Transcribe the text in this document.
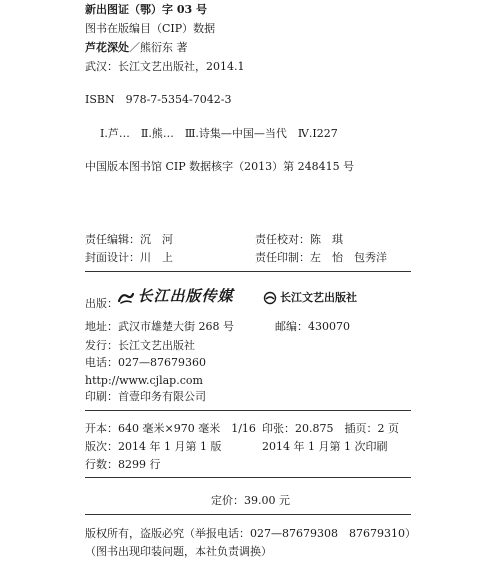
新出图证（鄂）字 03 号
图书在版编目（CIP）数据
芦花深处／熊衍东 著
武汉：长江文艺出版社，2014.1
ISBN　978-7-5354-7042-3
Ⅰ.芦…　Ⅱ.熊…　Ⅲ.诗集—中国—当代　Ⅳ.I227
中国版本图书馆 CIP 数据核字（2013）第 248415 号
责任编辑：沉　河	责任校对：陈　琪
封面设计：川　上	责任印制：左　怡　包秀洋
出版：	长江出版传媒	长江文艺出版社
地址：武汉市雄楚大街 268 号	邮编：430070
发行：长江文艺出版社
电话：027—87679360
http://www.cjlap.com
印刷：首壹印务有限公司
开本：640 毫米×970 毫米　1/16 印张：20.875　插页：2 页
版次：2014 年 1 月第 1 版	2014 年 1 月第 1 次印刷
行数：8299 行
定价：39.00 元
版权所有，盗版必究（举报电话：027—87679308　87679310）
（图书出现印装问题，本社负责调换）
